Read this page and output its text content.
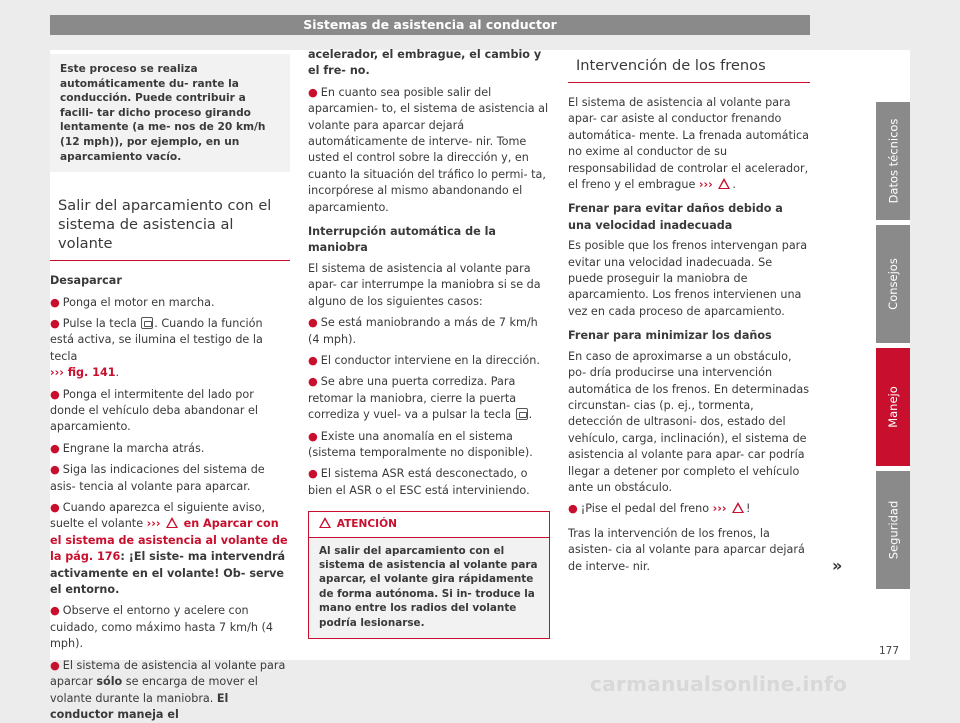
Sistemas de asistencia al conductor
Este proceso se realiza automáticamente du- rante la conducción. Puede contribuir a facili- tar dicho proceso girando lentamente (a me- nos de 20 km/h (12 mph)), por ejemplo, en un aparcamiento vacío.
Salir del aparcamiento con el sistema de asistencia al volante
Desaparcar
● Ponga el motor en marcha.
● Pulse la tecla . Cuando la función está activa, se ilumina el testigo de la tecla
››› fig. 141.
● Ponga el intermitente del lado por donde el vehículo deba abandonar el aparcamiento.
● Engrane la marcha atrás.
● Siga las indicaciones del sistema de asis- tencia al volante para aparcar.
● Cuando aparezca el siguiente aviso, suelte el volante ››› en Aparcar con el sistema de asistencia al volante de la pág. 176: ¡El siste- ma intervendrá activamente en el volante! Ob- serve el entorno.
● Observe el entorno y acelere con cuidado, como máximo hasta 7 km/h (4 mph).
● El sistema de asistencia al volante para aparcar sólo se encarga de mover el volante durante la maniobra. El conductor maneja el
acelerador, el embrague, el cambio y el fre- no.
● En cuanto sea posible salir del aparcamien- to, el sistema de asistencia al volante para aparcar dejará automáticamente de interve- nir. Tome usted el control sobre la dirección y, en cuanto la situación del tráfico lo permi- ta, incorpórese al mismo abandonando el aparcamiento.
Interrupción automática de la maniobra
El sistema de asistencia al volante para apar- car interrumpe la maniobra si se da alguno de los siguientes casos:
● Se está maniobrando a más de 7 km/h (4 mph).
● El conductor interviene en la dirección.
● Se abre una puerta corrediza. Para retomar la maniobra, cierre la puerta corrediza y vuel- va a pulsar la tecla .
● Existe una anomalía en el sistema (sistema temporalmente no disponible).
● El sistema ASR está desconectado, o bien el ASR o el ESC está interviniendo.
ATENCIÓN

Al salir del aparcamiento con el sistema de asistencia al volante para aparcar, el volante gira rápidamente de forma autónoma. Si in- troduce la mano entre los radios del volante podría lesionarse.

Intervención de los frenos
El sistema de asistencia al volante para apar- car asiste al conductor frenando automática- mente. La frenada automática no exime al conductor de su responsabilidad de controlar el acelerador, el freno y el embrague ››› .
Frenar para evitar daños debido a una velocidad inadecuada
Es posible que los frenos intervengan para evitar una velocidad inadecuada. Se puede proseguir la maniobra de aparcamiento. Los frenos intervienen una vez en cada proceso de aparcamiento.
Frenar para minimizar los daños
En caso de aproximarse a un obstáculo, po- dría producirse una intervención automática de los frenos. En determinadas circunstan- cias (p. ej., tormenta, detección de ultrasoni- dos, estado del vehículo, carga, inclinación), el sistema de asistencia al volante para apar- car podría llegar a detener por completo el vehículo ante un obstáculo.
● ¡Pise el pedal del freno ››› !
Tras la intervención de los frenos, la asisten- cia al volante para aparcar dejará de interve- nir.	»
Datos técnicos
Consejos
Manejo
Seguridad
177
carmanualsonline.info
